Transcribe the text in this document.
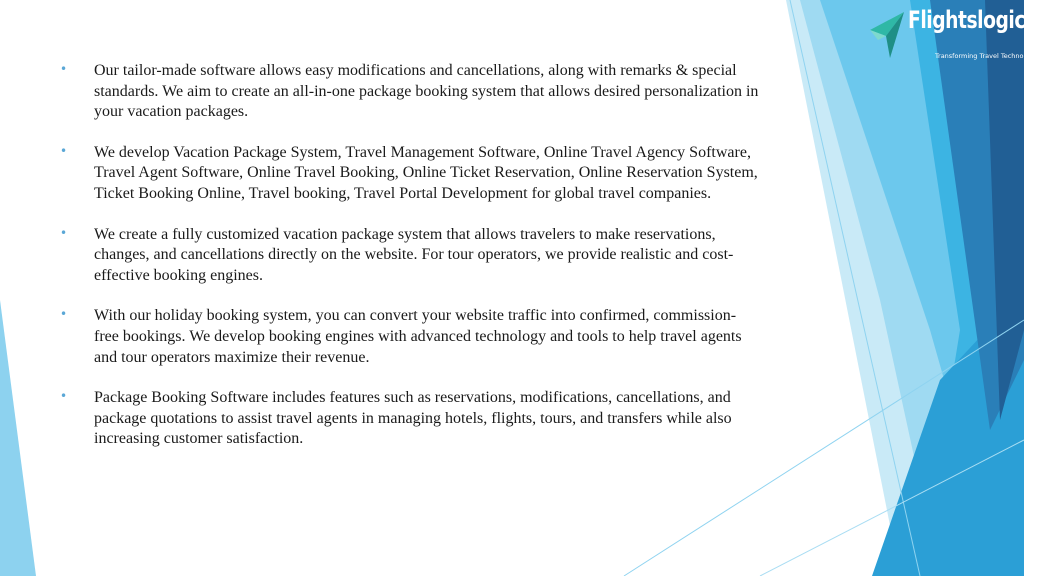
Flightslogic
Transforming Travel Technology
• Our tailor-made software allows easy modifications and cancellations, along with remarks & special standards. We aim to create an all-in-one package booking system that allows desired personalization in your vacation packages.
• We develop Vacation Package System, Travel Management Software, Online Travel Agency Software, Travel Agent Software, Online Travel Booking, Online Ticket Reservation, Online Reservation System, Ticket Booking Online, Travel booking, Travel Portal Development for global travel companies.
• We create a fully customized vacation package system that allows travelers to make reservations, changes, and cancellations directly on the website. For tour operators, we provide realistic and cost-effective booking engines.
• With our holiday booking system, you can convert your website traffic into confirmed, commission-free bookings. We develop booking engines with advanced technology and tools to help travel agents and tour operators maximize their revenue.
• Package Booking Software includes features such as reservations, modifications, cancellations, and package quotations to assist travel agents in managing hotels, flights, tours, and transfers while also increasing customer satisfaction.
